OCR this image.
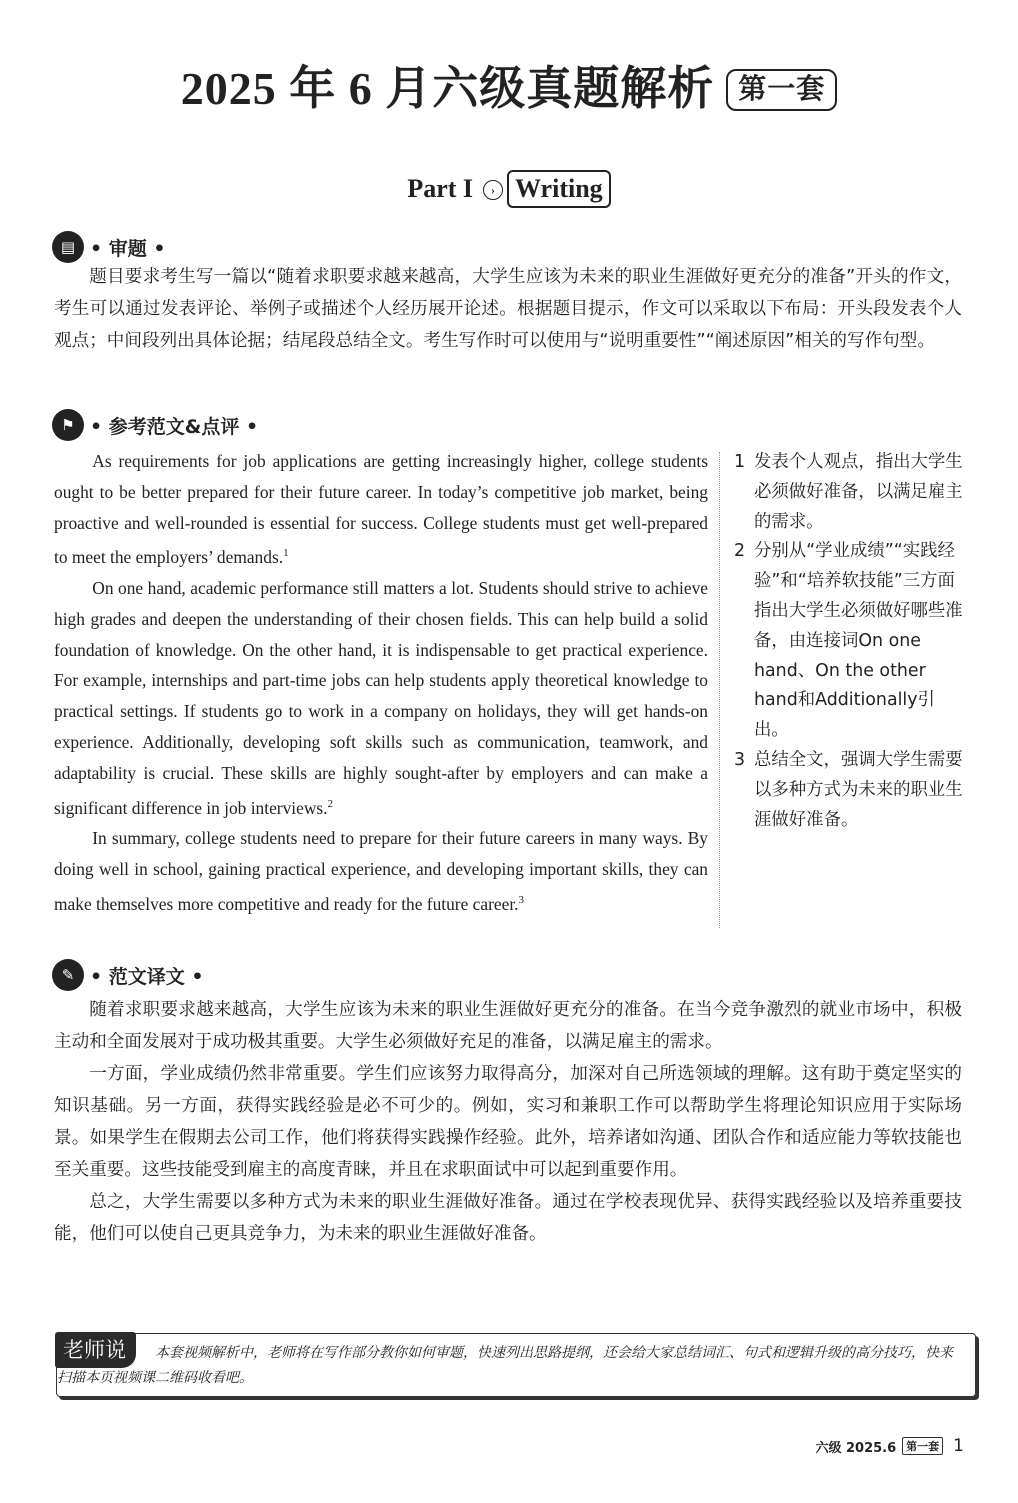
2025 年 6 月六级真题解析 第一套
Part I › Writing
▤ • 审题 •

题目要求考生写一篇以“随着求职要求越来越高，大学生应该为未来的职业生涯做好更充分的准备”开头的作文，考生可以通过发表评论、举例子或描述个人经历展开论述。根据题目提示，作文可以采取以下布局：开头段发表个人观点；中间段列出具体论据；结尾段总结全文。考生写作时可以使用与“说明重要性”“阐述原因”相关的写作句型。

⚑ • 参考范文&点评 •

As requirements for job applications are getting increasingly higher, college students ought to be better prepared for their future career. In today’s competitive job market, being proactive and well-rounded is essential for success. College students must get well-prepared to meet the employers’ demands.$^1$

On one hand, academic performance still matters a lot. Students should strive to achieve high grades and deepen the understanding of their chosen fields. This can help build a solid foundation of knowledge. On the other hand, it is indispensable to get practical experience. For example, internships and part-time jobs can help students apply theoretical knowledge to practical settings. If students go to work in a company on holidays, they will get hands-on experience. Additionally, developing soft skills such as communication, teamwork, and adaptability is crucial. These skills are highly sought-after by employers and can make a significant difference in job interviews.$^2$

In summary, college students need to prepare for their future careers in many ways. By doing well in school, gaining practical experience, and developing important skills, they can make themselves more competitive and ready for the future career.$^3$

1 发表个人观点，指出大学生必须做好准备，以满足雇主的需求。
2 分别从“学业成绩”“实践经验”和“培养软技能”三方面指出大学生必须做好哪些准备，由连接词On one hand、On the other hand和Additionally引出。
3 总结全文，强调大学生需要以多种方式为未来的职业生涯做好准备。
✎ • 范文译文 •

随着求职要求越来越高，大学生应该为未来的职业生涯做好更充分的准备。在当今竞争激烈的就业市场中，积极主动和全面发展对于成功极其重要。大学生必须做好充足的准备，以满足雇主的需求。

一方面，学业成绩仍然非常重要。学生们应该努力取得高分，加深对自己所选领域的理解。这有助于奠定坚实的知识基础。另一方面，获得实践经验是必不可少的。例如，实习和兼职工作可以帮助学生将理论知识应用于实际场景。如果学生在假期去公司工作，他们将获得实践操作经验。此外，培养诸如沟通、团队合作和适应能力等软技能也至关重要。这些技能受到雇主的高度青睐，并且在求职面试中可以起到重要作用。

总之，大学生需要以多种方式为未来的职业生涯做好准备。通过在学校表现优异、获得实践经验以及培养重要技能，他们可以使自己更具竞争力，为未来的职业生涯做好准备。

老师说	本套视频解析中，老师将在写作部分教你如何审题，快速列出思路提纲，还会给大家总结词汇、句式和逻辑升级的高分技巧，快来扫描本页视频课二维码收看吧。
六级 2025.6 第一套 1
